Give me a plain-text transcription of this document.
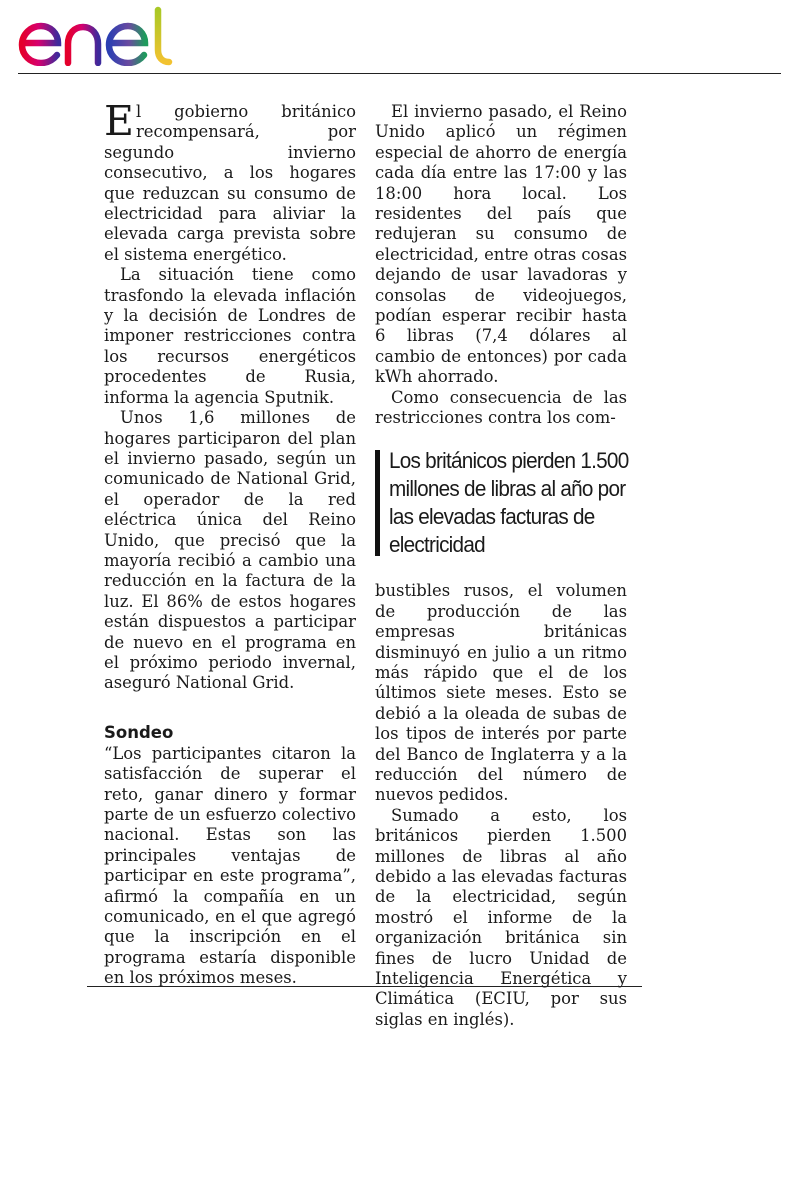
El gobierno británico recompensará, por segundo invierno consecutivo, a los hogares que reduzcan su consumo de electricidad para aliviar la elevada carga prevista sobre el sistema energético.

La situación tiene como trasfondo la elevada inflación y la decisión de Londres de imponer restricciones contra los recursos energéticos procedentes de Rusia, informa la agencia Sputnik.

Unos 1,6 millones de hogares participaron del plan el invierno pasado, según un comunicado de National Grid, el operador de la red eléctrica única del Reino Unido, que precisó que la mayoría recibió a cambio una reducción en la factura de la luz. El 86% de estos hogares están dispuestos a participar de nuevo en el programa en el próximo periodo invernal, aseguró National Grid.

Sondeo

“Los participantes citaron la satisfacción de superar el reto, ganar dinero y formar parte de un esfuerzo colectivo nacional. Estas son las principales ventajas de participar en este programa”, afirmó la compañía en un comunicado, en el que agregó que la inscripción en el programa estaría disponible en los próximos meses.

El invierno pasado, el Reino Unido aplicó un régimen especial de ahorro de energía cada día entre las 17:00 y las 18:00 hora local. Los residentes del país que redujeran su consumo de electricidad, entre otras cosas dejando de usar lavadoras y consolas de videojuegos, podían esperar recibir hasta 6 libras (7,4 dólares al cambio de entonces) por cada kWh ahorrado.

Como consecuencia de las restricciones contra los com-

Los británicos pierden 1.500 millones de libras al año por las elevadas facturas de electricidad

bustibles rusos, el volumen de producción de las empresas británicas disminuyó en julio a un ritmo más rápido que el de los últimos siete meses. Esto se debió a la oleada de subas de los tipos de interés por parte del Banco de Inglaterra y a la reducción del número de nuevos pedidos.

Sumado a esto, los británicos pierden 1.500 millones de libras al año debido a las elevadas facturas de la electricidad, según mostró el informe de la organización británica sin fines de lucro Unidad de Inteligencia Energética y Climática (ECIU, por sus siglas en inglés).
